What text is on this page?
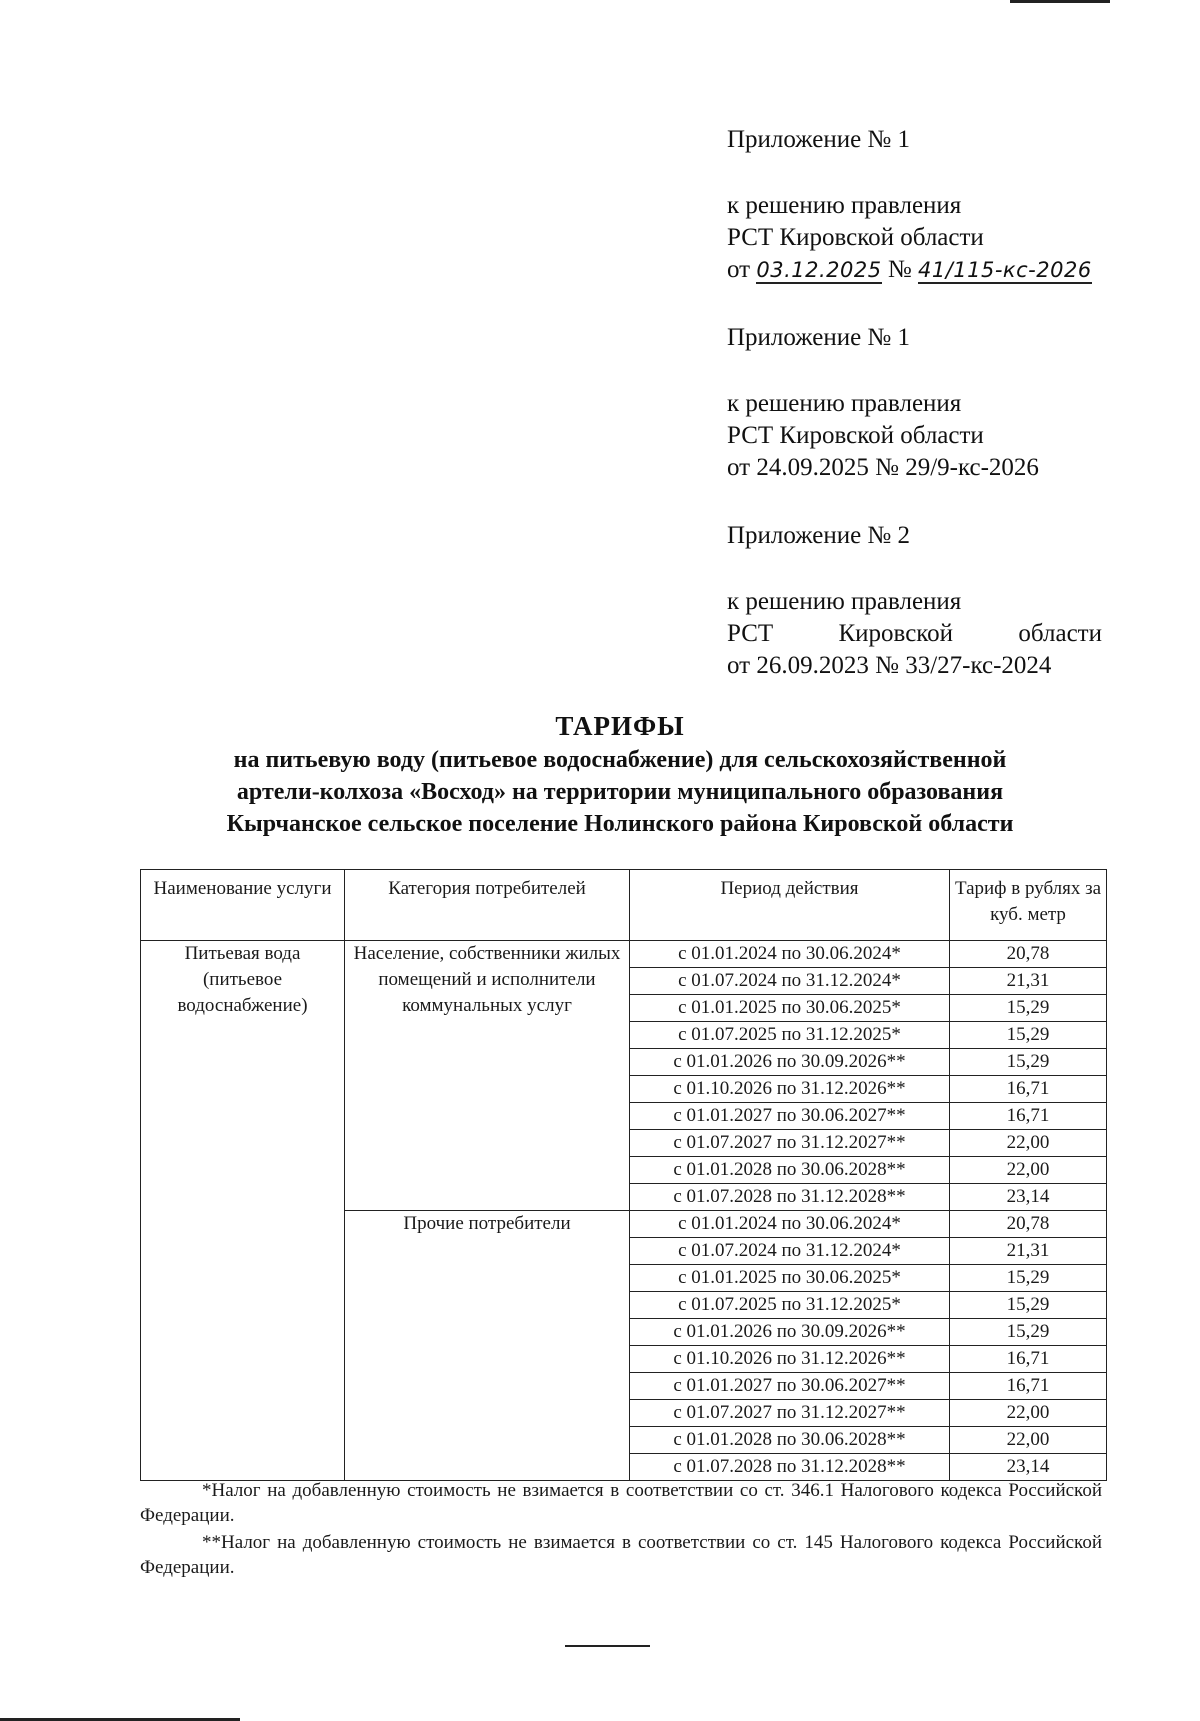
Приложение № 1
к решению правления
РСТ Кировской области
от 03.12.2025 № 41/115-кс-2026
Приложение № 1
к решению правления
РСТ Кировской области
от 24.09.2025 № 29/9-кс-2026
Приложение № 2
к решению правления
РСТ	Кировской	области
от 26.09.2023 № 33/27-кс-2024
ТАРИФЫ
на питьевую воду (питьевое водоснабжение) для сельскохозяйственной
артели-колхоза «Восход» на территории муниципального образования
Кырчанское сельское поселение Нолинского района Кировской области
Наименование услуги	Категория потребителей	Период действия	Тариф в рублях за куб. метр
Питьевая вода (питьевое водоснабжение)	Население, собственники жилых помещений и исполнители коммунальных услуг	с 01.01.2024 по 30.06.2024*	20,78
		с 01.07.2024 по 31.12.2024*	21,31
		с 01.01.2025 по 30.06.2025*	15,29
		с 01.07.2025 по 31.12.2025*	15,29
		с 01.01.2026 по 30.09.2026**	15,29
		с 01.10.2026 по 31.12.2026**	16,71
		с 01.01.2027 по 30.06.2027**	16,71
		с 01.07.2027 по 31.12.2027**	22,00
		с 01.01.2028 по 30.06.2028**	22,00
		с 01.07.2028 по 31.12.2028**	23,14
	Прочие потребители	с 01.01.2024 по 30.06.2024*	20,78
		с 01.07.2024 по 31.12.2024*	21,31
		с 01.01.2025 по 30.06.2025*	15,29
		с 01.07.2025 по 31.12.2025*	15,29
		с 01.01.2026 по 30.09.2026**	15,29
		с 01.10.2026 по 31.12.2026**	16,71
		с 01.01.2027 по 30.06.2027**	16,71
		с 01.07.2027 по 31.12.2027**	22,00
		с 01.01.2028 по 30.06.2028**	22,00
		с 01.07.2028 по 31.12.2028**	23,14

*Налог на добавленную стоимость не взимается в соответствии со ст. 346.1 Налогового кодекса Российской Федерации.

**Налог на добавленную стоимость не взимается в соответствии со ст. 145 Налогового кодекса Российской Федерации.
